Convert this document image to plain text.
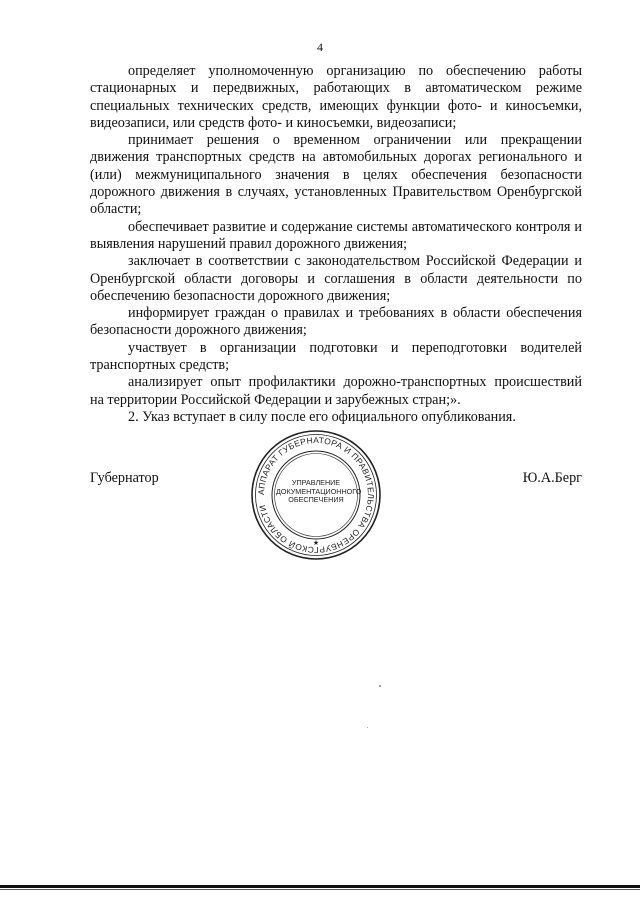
4

определяет уполномоченную организацию по обеспечению работы стационарных и передвижных, работающих в автоматическом режиме специальных технических средств, имеющих функции фото- и киносъемки, видеозаписи, или средств фото- и киносъемки, видеозаписи;

принимает решения о временном ограничении или прекращении движения транспортных средств на автомобильных дорогах регионального и (или) межмуниципального значения в целях обеспечения безопасности дорожного движения в случаях, установленных Правительством Оренбургской области;

обеспечивает развитие и содержание системы автоматического контроля и выявления нарушений правил дорожного движения;

заключает в соответствии с законодательством Российской Федерации и Оренбургской области договоры и соглашения в области деятельности по обеспечению безопасности дорожного движения;

информирует граждан о правилах и требованиях в области обеспечения безопасности дорожного движения;

участвует в организации подготовки и переподготовки водителей транспортных средств;

анализирует опыт профилактики дорожно-транспортных происшествий на территории Российской Федерации и зарубежных стран;».

2. Указ вступает в силу после его официального опубликования.

Губернатор	Ю.А.Берг
АППАРАТ ГУБЕРНАТОРА И ПРАВИТЕЛЬСТВА ОРЕНБУРГСКОЙ ОБЛАСТИ
★
УПРАВЛЕНИЕ
ДОКУМЕНТАЦИОННОГО
ОБЕСПЕЧЕНИЯ
